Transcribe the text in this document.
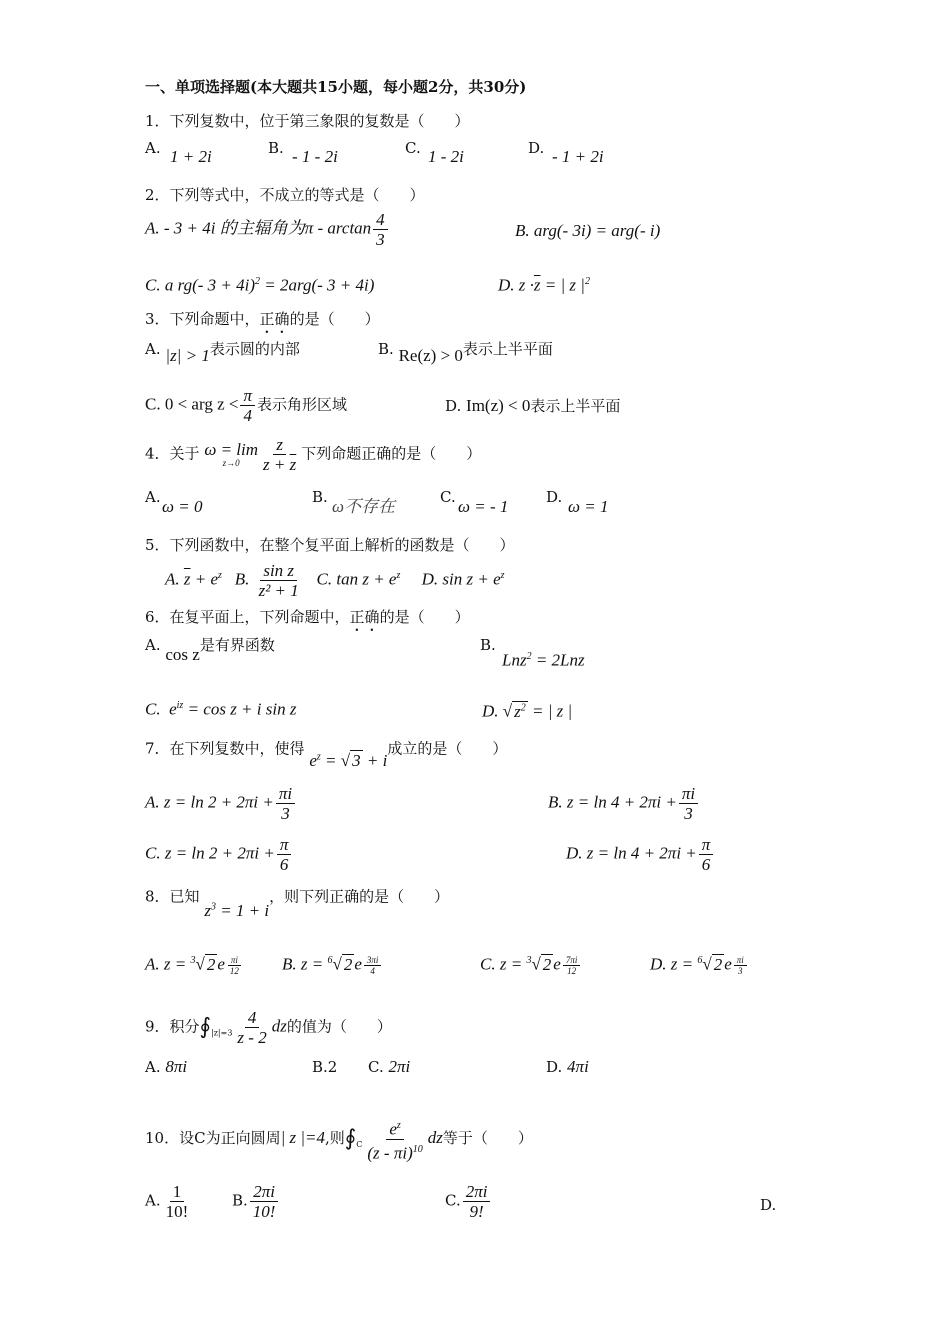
一、单项选择题(本大题共15小题，每小题2分，共30分)
1．下列复数中，位于第三象限的复数是（　　）
A. 1 + 2i	B. - 1 - 2i	C. 1 - 2i	D. - 1 + 2i
2．下列等式中，不成立的等式是（　　）
A. - 3 + 4i 的主辐角为π - $\arctan \frac{4}{3}$	B. arg(- 3i) = arg(- i)
C. a rg(- 3 + 4i)$^2$ = 2arg(- 3 + 4i)	D. $z \cdot\overline{z}$ = | z $|^2$
3．下列命题中，正确的是（　　）
A. |z| > 1表示圆的内部	B. Re(z) > 0表示上半平面
C. 0 < arg $z < \frac{\pi}{4}$ 表示角形区域	D. Im(z) < 0表示上半平面
4．关于 ω = lim
$z\to 0 \frac{z}{z + \overline{z}}$ 下列命题正确的是（　　）
A. ω = 0	B. ω不存在	C. ω = - 1	D. ω = 1
5．下列函数中，在整个复平面上解析的函数是（　　）
A. $\overline{z} + e^z$ B. $\frac{\text{sin z}}{\text{z² + 1}} C$. $\tan z + e^z$ D. $\sin z + e^z$
6．在复平面上，下列命题中，正确的是（　　）
A. cos z是有界函数	B.
Lnz$^2$ = 2Lnz
C. $e^{iz} = \cos z + i$ sin z	D. √ $z^2$ = | z |
7．在下列复数中，使得 $e^z$ = √ 3 + i成立的是（　　）
A. $z = \ln 2 + 2\pi i + \frac{\pi i}{3}$	B. $z = \ln 4 + 2\pi i + \frac{\pi i}{3}$
C. $z = \ln 2 + 2\pi i + \frac{\pi}{6}$	D. $z = \ln 4 + 2\pi i + \frac{\pi}{6}$
8．已知 $z^3 = 1 + i$，则下列正确的是（　　）
A. z = $^3$√ 2 e $\frac{\pi i}{12} B$. z = $^6$√ 2 e $\frac{3\pi i}{4}$	C. z = $^3$√ 2 e $\frac{7\pi i}{12}$	D. z = $^6$√ 2 e $\frac{\pi i}{3}$
9．积分$∮_{|z|=3} \frac{4}{z - 2}$ dz的值为（　　）
A. 8πi	B.2 C. 2πi	D. 4πi
10．设C为正向圆周| z |=4,则$∮_C \frac{e^z}{(z - \pi i)^{10}}$ dz等于（　　）
A. $\frac{1}{10!}$	B. $\frac{2\pi i}{10!}$	C. $\frac{2\pi i}{9!}$	D.
